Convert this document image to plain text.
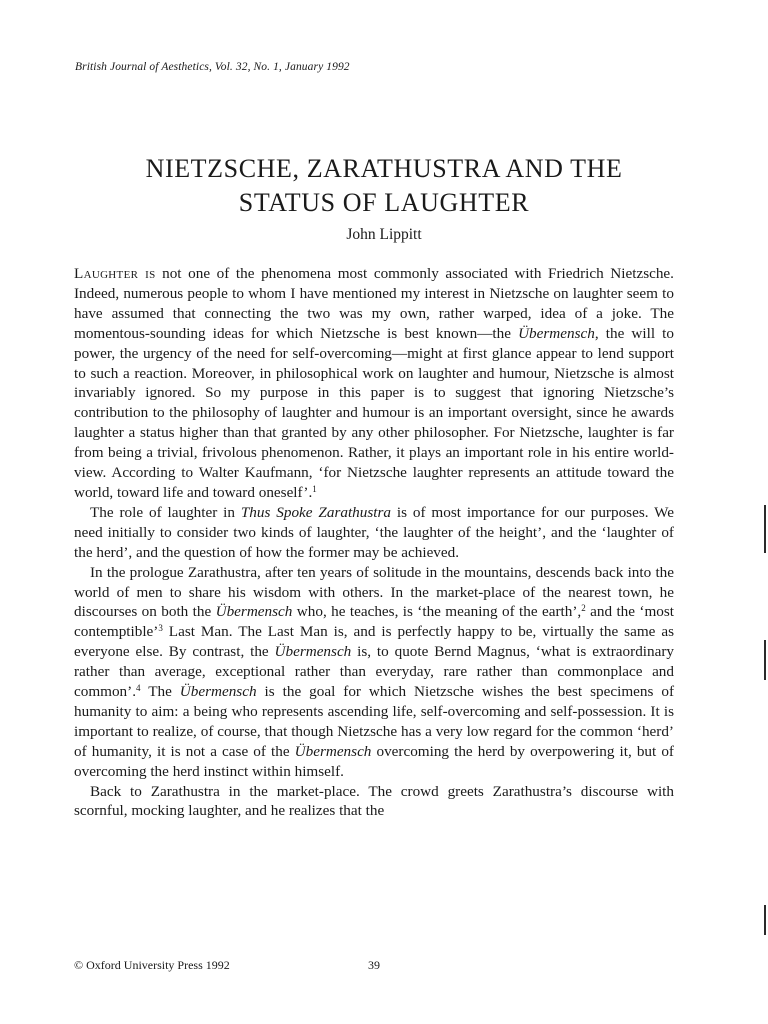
British Journal of Aesthetics, Vol. 32, No. 1, January 1992
NIETZSCHE, ZARATHUSTRA AND THE
STATUS OF LAUGHTER
John Lippitt

Laughter is not one of the phenomena most commonly associated with Friedrich Nietzsche. Indeed, numerous people to whom I have mentioned my interest in Nietzsche on laughter seem to have assumed that connecting the two was my own, rather warped, idea of a joke. The momentous-sounding ideas for which Nietzsche is best known—the Übermensch, the will to power, the urgency of the need for self-overcoming—might at first glance appear to lend support to such a reaction. Moreover, in philosophical work on laughter and humour, Nietzsche is almost invariably ignored. So my purpose in this paper is to suggest that ignoring Nietzsche’s contribution to the philosophy of laughter and humour is an important oversight, since he awards laughter a status higher than that granted by any other philosopher. For Nietzsche, laughter is far from being a trivial, frivolous phenomenon. Rather, it plays an important role in his entire world-view. According to Walter Kaufmann, ‘for Nietzsche laughter represents an attitude toward the world, toward life and toward oneself’.$^1$

The role of laughter in Thus Spoke Zarathustra is of most importance for our purposes. We need initially to consider two kinds of laughter, ‘the laughter of the height’, and the ‘laughter of the herd’, and the question of how the former may be achieved.

In the prologue Zarathustra, after ten years of solitude in the mountains, descends back into the world of men to share his wisdom with others. In the market-place of the nearest town, he discourses on both the Übermensch who, he teaches, is ‘the meaning of the earth’,$^2$ and the ‘most contemptible’$^3$ Last Man. The Last Man is, and is perfectly happy to be, virtually the same as everyone else. By contrast, the Übermensch is, to quote Bernd Magnus, ‘what is extraordinary rather than average, exceptional rather than everyday, rare rather than commonplace and common’.$^4$ The Übermensch is the goal for which Nietzsche wishes the best specimens of humanity to aim: a being who represents ascending life, self-overcoming and self-possession. It is important to realize, of course, that though Nietzsche has a very low regard for the common ‘herd’ of humanity, it is not a case of the Übermensch overcoming the herd by overpowering it, but of overcoming the herd instinct within himself.

Back to Zarathustra in the market-place. The crowd greets Zarathustra’s discourse with scornful, mocking laughter, and he realizes that the

© Oxford University Press 1992	39
